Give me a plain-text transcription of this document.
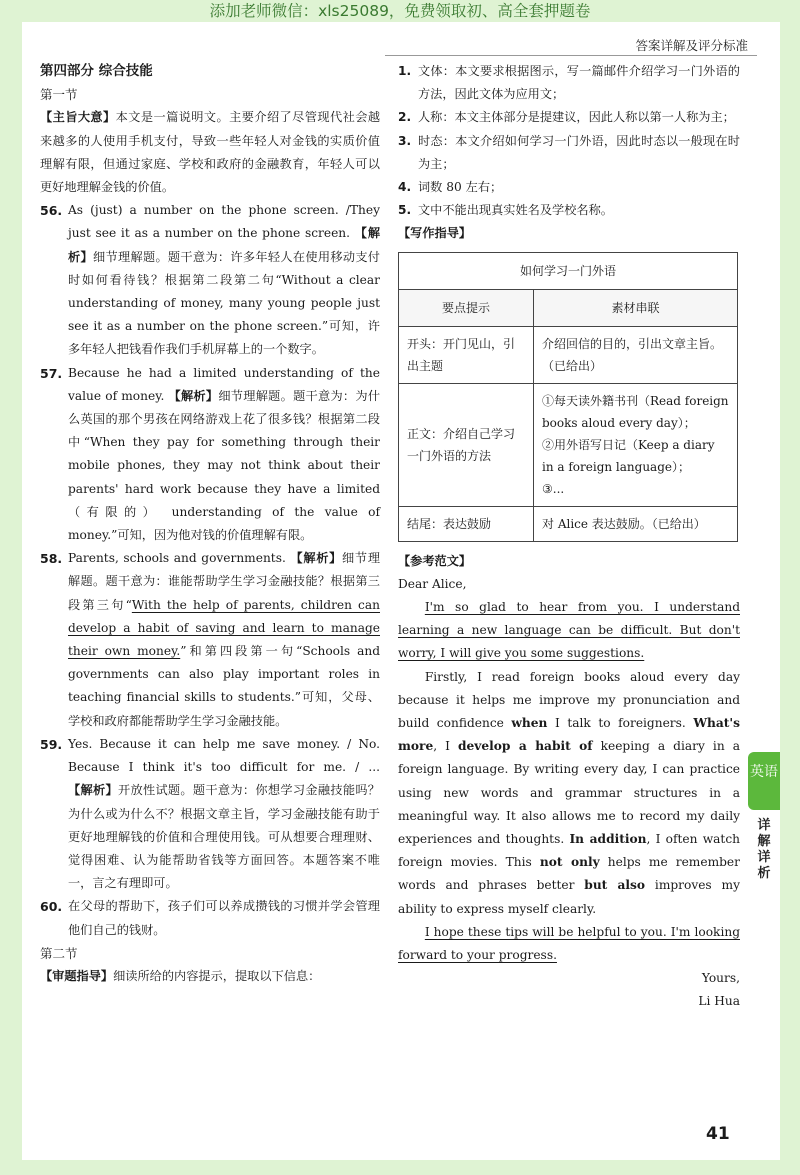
添加老师微信：xls25089，免费领取初、高全套押题卷
答案详解及评分标准
第四部分 综合技能
第一节

【主旨大意】本文是一篇说明文。主要介绍了尽管现代社会越来越多的人使用手机支付，导致一些年轻人对金钱的实质价值理解有限，但通过家庭、学校和政府的金融教育，年轻人可以更好地理解金钱的价值。

56. As (just) a number on the phone screen. /They just see it as a number on the phone screen. 【解析】细节理解题。题干意为：许多年轻人在使用移动支付时如何看待钱？根据第二段第二句“Without a clear understanding of money, many young people just see it as a number on the phone screen.”可知，许多年轻人把钱看作我们手机屏幕上的一个数字。
57. Because he had a limited understanding of the value of money. 【解析】细节理解题。题干意为：为什么英国的那个男孩在网络游戏上花了很多钱？根据第二段中“When they pay for something through their mobile phones, they may not think about their parents' hard work because they have a limited（有限的） understanding of the value of money.”可知，因为他对钱的价值理解有限。
58. Parents, schools and governments. 【解析】细节理解题。题干意为：谁能帮助学生学习金融技能？根据第三段第三句“With the help of parents, children can develop a habit of saving and learn to manage their own money.”和第四段第一句“Schools and governments can also play important roles in teaching financial skills to students.”可知，父母、学校和政府都能帮助学生学习金融技能。
59. Yes. Because it can help me save money. / No. Because I think it's too difficult for me. / ... 【解析】开放性试题。题干意为：你想学习金融技能吗？为什么或为什么不？根据文章主旨，学习金融技能有助于更好地理解钱的价值和合理使用钱。可从想要合理理财、觉得困难、认为能帮助省钱等方面回答。本题答案不唯一，言之有理即可。
60. 在父母的帮助下，孩子们可以养成攒钱的习惯并学会管理他们自己的钱财。
第二节

【审题指导】细读所给的内容提示，提取以下信息：

1. 文体：本文要求根据图示，写一篇邮件介绍学习一门外语的方法，因此文体为应用文；
2. 人称：本文主体部分是提建议，因此人称以第一人称为主；
3. 时态：本文介绍如何学习一门外语，因此时态以一般现在时为主；
4. 词数 80 左右；
5. 文中不能出现真实姓名及学校名称。
【写作指导】
如何学习一门外语	
要点提示	素材串联
开头：开门见山，引出主题	介绍回信的目的，引出文章主旨。（已给出）
正文：介绍自己学习一门外语的方法	①每天读外籍书刊（Read foreign books aloud every day）；
②用外语写日记（Keep a diary in a foreign language）；
③...

结尾：表达鼓励	对 Alice 表达鼓励。（已给出）
【参考范文】

Dear Alice,

I'm so glad to hear from you. I understand learning a new language can be difficult. But don't worry, I will give you some suggestions.

Firstly, I read foreign books aloud every day because it helps me improve my pronunciation and build confidence when I talk to foreigners. What's more, I develop a habit of keeping a diary in a foreign language. By writing every day, I can practice using new words and grammar structures in a meaningful way. It also allows me to record my daily experiences and thoughts. In addition, I often watch foreign movies. This not only helps me remember words and phrases better but also improves my ability to express myself clearly.

I hope these tips will be helpful to you. I'm looking forward to your progress.

Yours,

Li Hua

英语
详解详析
41
